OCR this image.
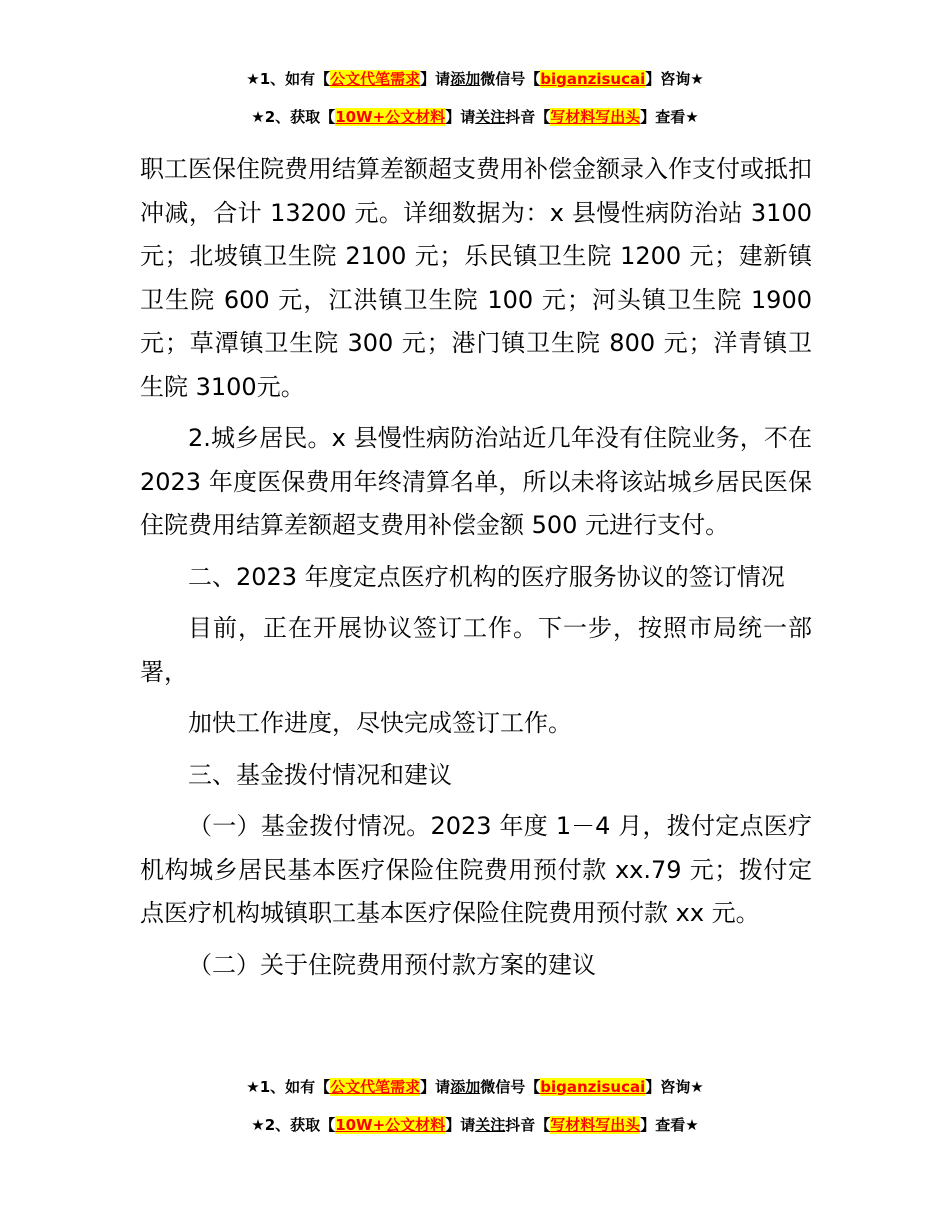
★1、如有【公文代笔需求】请添加微信号【biganzisucai】咨询★
★2、获取【10W+公文材料】请关注抖音【写材料写出头】查看★

职工医保住院费用结算差额超支费用补偿金额录入作支付或抵扣冲减，合计 13200 元。详细数据为：x 县慢性病防治站 3100 元；北坡镇卫生院 2100 元；乐民镇卫生院 1200 元；建新镇卫生院 600 元，江洪镇卫生院 100 元；河头镇卫生院 1900 元；草潭镇卫生院 300 元；港门镇卫生院 800 元；洋青镇卫生院 3100元。

2.城乡居民。x 县慢性病防治站近几年没有住院业务，不在 2023 年度医保费用年终清算名单，所以未将该站城乡居民医保住院费用结算差额超支费用补偿金额 500 元进行支付。

二、2023 年度定点医疗机构的医疗服务协议的签订情况

目前，正在开展协议签订工作。下一步，按照市局统一部署，

加快工作进度，尽快完成签订工作。

三、基金拨付情况和建议

（一）基金拨付情况。2023 年度 1－4 月，拨付定点医疗机构城乡居民基本医疗保险住院费用预付款 xx.79 元；拨付定点医疗机构城镇职工基本医疗保险住院费用预付款 xx 元。

（二）关于住院费用预付款方案的建议

★1、如有【公文代笔需求】请添加微信号【biganzisucai】咨询★
★2、获取【10W+公文材料】请关注抖音【写材料写出头】查看★
